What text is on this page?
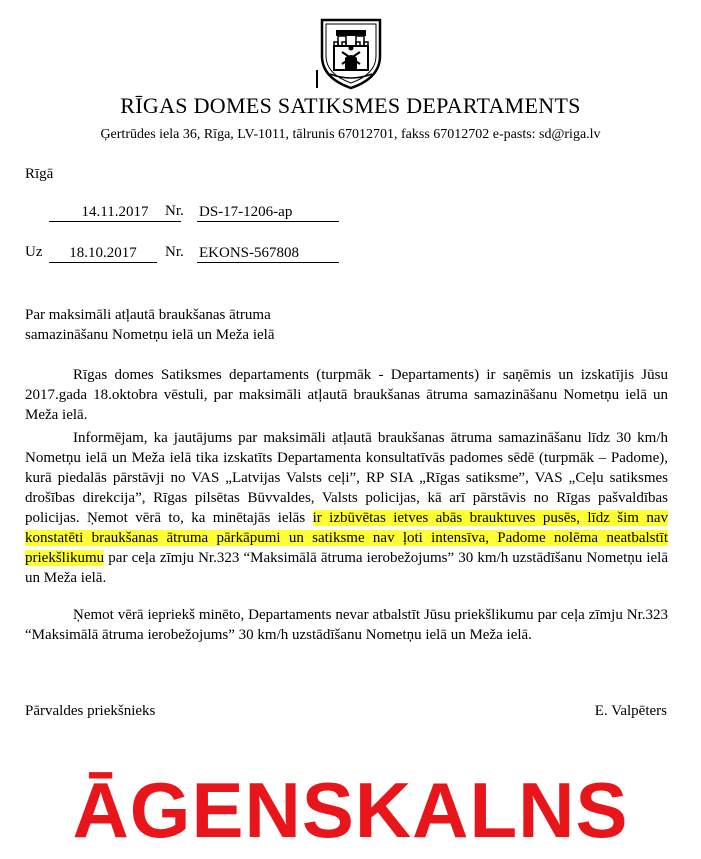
RĪGAS DOMES SATIKSMES DEPARTAMENTS
Ģertrūdes iela 36, Rīga, LV-1011, tālrunis 67012701, fakss 67012702 e-pasts: sd@riga.lv
Rīgā
14.11.2017	Nr. DS-17-1206-ap
Uz	18.10.2017	Nr. EKONS-567808
Par maksimāli atļautā braukšanas ātruma
samazināšanu Nometņu ielā un Meža ielā
Rīgas domes Satiksmes departaments (turpmāk - Departaments) ir saņēmis un izskatījis Jūsu 2017.gada 18.oktobra vēstuli, par maksimāli atļautā braukšanas ātruma samazināšanu Nometņu ielā un Meža ielā.
Informējam, ka jautājums par maksimāli atļautā braukšanas ātruma samazināšanu līdz 30 km/h Nometņu ielā un Meža ielā tika izskatīts Departamenta konsultatīvās padomes sēdē (turpmāk – Padome), kurā piedalās pārstāvji no VAS „Latvijas Valsts ceļi”, RP SIA „Rīgas satiksme”, VAS „Ceļu satiksmes drošības direkcija”, Rīgas pilsētas Būvvaldes, Valsts policijas, kā arī pārstāvis no Rīgas pašvaldības policijas. Ņemot vērā to, ka minētajās ielās ir izbūvētas ietves abās brauktuves pusēs, līdz šim nav konstatēti braukšanas ātruma pārkāpumi un satiksme nav ļoti intensīva, Padome nolēma neatbalstīt priekšlikumu par ceļa zīmju Nr.323 “Maksimālā ātruma ierobežojums” 30 km/h uzstādīšanu Nometņu ielā un Meža ielā.
Ņemot vērā iepriekš minēto, Departaments nevar atbalstīt Jūsu priekšlikumu par ceļa zīmju Nr.323 “Maksimālā ātruma ierobežojums” 30 km/h uzstādīšanu Nometņu ielā un Meža ielā.
Pārvaldes priekšnieks	E. Valpēters
ĀGENSKALNS
